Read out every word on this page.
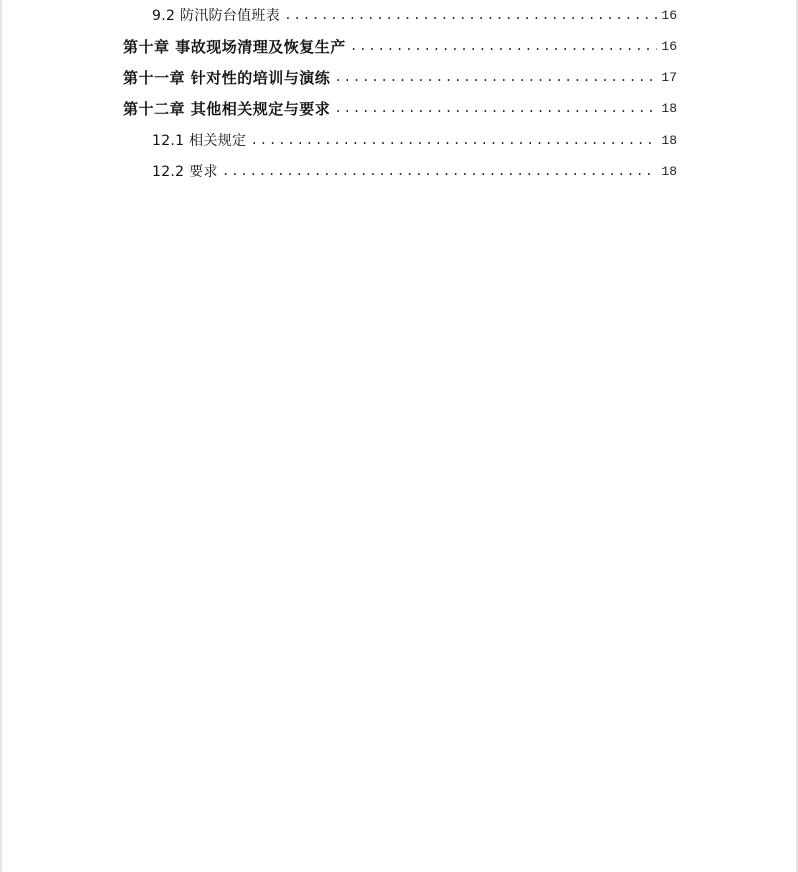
9.2 防汛防台值班表 .....	16
第十章 事故现场清理及恢复生产 .....	16
第十一章 针对性的培训与演练 .....	17
第十二章 其他相关规定与要求 .....	18
12.1 相关规定 .....	18
12.2 要求 .....	18
